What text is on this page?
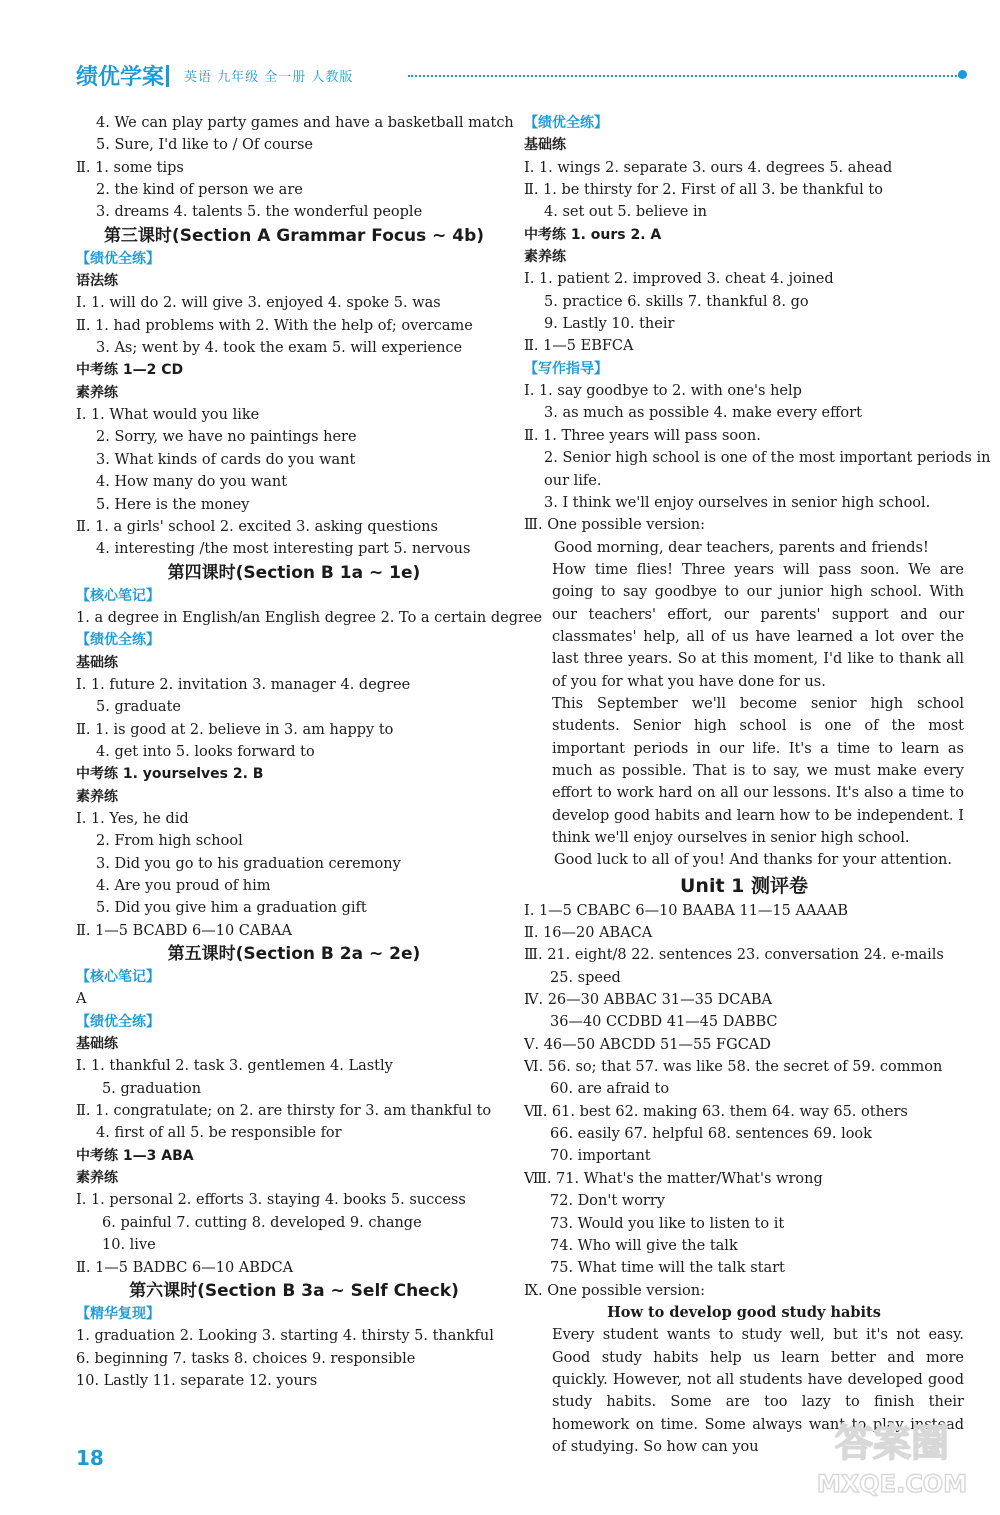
绩优学案	英语 九年级 全一册 人教版
4. We can play party games and have a basketball match
5. Sure, I'd like to / Of course
Ⅱ. 1. some tips
2. the kind of person we are
3. dreams 4. talents 5. the wonderful people
第三课时(Section A Grammar Focus ~ 4b)
【绩优全练】
语法练
Ⅰ. 1. will do 2. will give 3. enjoyed 4. spoke 5. was
Ⅱ. 1. had problems with 2. With the help of; overcame
3. As; went by 4. took the exam 5. will experience
中考练 1—2 CD
素养练
Ⅰ. 1. What would you like
2. Sorry, we have no paintings here
3. What kinds of cards do you want
4. How many do you want
5. Here is the money
Ⅱ. 1. a girls' school 2. excited 3. asking questions
4. interesting /the most interesting part 5. nervous
第四课时(Section B 1a ~ 1e)
【核心笔记】
1. a degree in English/an English degree 2. To a certain degree
【绩优全练】
基础练
Ⅰ. 1. future 2. invitation 3. manager 4. degree
5. graduate
Ⅱ. 1. is good at 2. believe in 3. am happy to
4. get into 5. looks forward to
中考练 1. yourselves 2. B
素养练
Ⅰ. 1. Yes, he did
2. From high school
3. Did you go to his graduation ceremony
4. Are you proud of him
5. Did you give him a graduation gift
Ⅱ. 1—5 BCABD 6—10 CABAA
第五课时(Section B 2a ~ 2e)
【核心笔记】
A
【绩优全练】
基础练
Ⅰ. 1. thankful 2. task 3. gentlemen 4. Lastly
5. graduation
Ⅱ. 1. congratulate; on 2. are thirsty for 3. am thankful to
4. first of all 5. be responsible for
中考练 1—3 ABA
素养练
Ⅰ. 1. personal 2. efforts 3. staying 4. books 5. success
6. painful 7. cutting 8. developed 9. change
10. live
Ⅱ. 1—5 BADBC 6—10 ABDCA
第六课时(Section B 3a ~ Self Check)
【精华复现】
1. graduation 2. Looking 3. starting 4. thirsty 5. thankful
6. beginning 7. tasks 8. choices 9. responsible
10. Lastly 11. separate 12. yours
【绩优全练】
基础练
Ⅰ. 1. wings 2. separate 3. ours 4. degrees 5. ahead
Ⅱ. 1. be thirsty for 2. First of all 3. be thankful to
4. set out 5. believe in
中考练 1. ours 2. A
素养练
Ⅰ. 1. patient 2. improved 3. cheat 4. joined
5. practice 6. skills 7. thankful 8. go
9. Lastly 10. their
Ⅱ. 1—5 EBFCA
【写作指导】
Ⅰ. 1. say goodbye to 2. with one's help
3. as much as possible 4. make every effort
Ⅱ. 1. Three years will pass soon.
2. Senior high school is one of the most important periods in
our life.
3. I think we'll enjoy ourselves in senior high school.
Ⅲ. One possible version:
Good morning, dear teachers, parents and friends!
How time flies! Three years will pass soon. We are going to say goodbye to our junior high school. With our teachers' effort, our parents' support and our classmates' help, all of us have learned a lot over the last three years. So at this moment, I'd like to thank all of you for what you have done for us.
This September we'll become senior high school students. Senior high school is one of the most important periods in our life. It's a time to learn as much as possible. That is to say, we must make every effort to work hard on all our lessons. It's also a time to develop good habits and learn how to be independent. I think we'll enjoy ourselves in senior high school.
Good luck to all of you! And thanks for your attention.
Unit 1 测评卷
Ⅰ. 1—5 CBABC 6—10 BAABA 11—15 AAAAB
Ⅱ. 16—20 ABACA
Ⅲ. 21. eight/8 22. sentences 23. conversation 24. e-mails
25. speed
Ⅳ. 26—30 ABBAC 31—35 DCABA
36—40 CCDBD 41—45 DABBC
Ⅴ. 46—50 ABCDD 51—55 FGCAD
Ⅵ. 56. so; that 57. was like 58. the secret of 59. common
60. are afraid to
Ⅶ. 61. best 62. making 63. them 64. way 65. others
66. easily 67. helpful 68. sentences 69. look
70. important
Ⅷ. 71. What's the matter/What's wrong
72. Don't worry
73. Would you like to listen to it
74. Who will give the talk
75. What time will the talk start
Ⅸ. One possible version:
How to develop good study habits
Every student wants to study well, but it's not easy. Good study habits help us learn better and more quickly. However, not all students have developed good study habits. Some are too lazy to finish their homework on time. Some always want to play instead of studying. So how can you
18	答案圈
MXQE.COM
